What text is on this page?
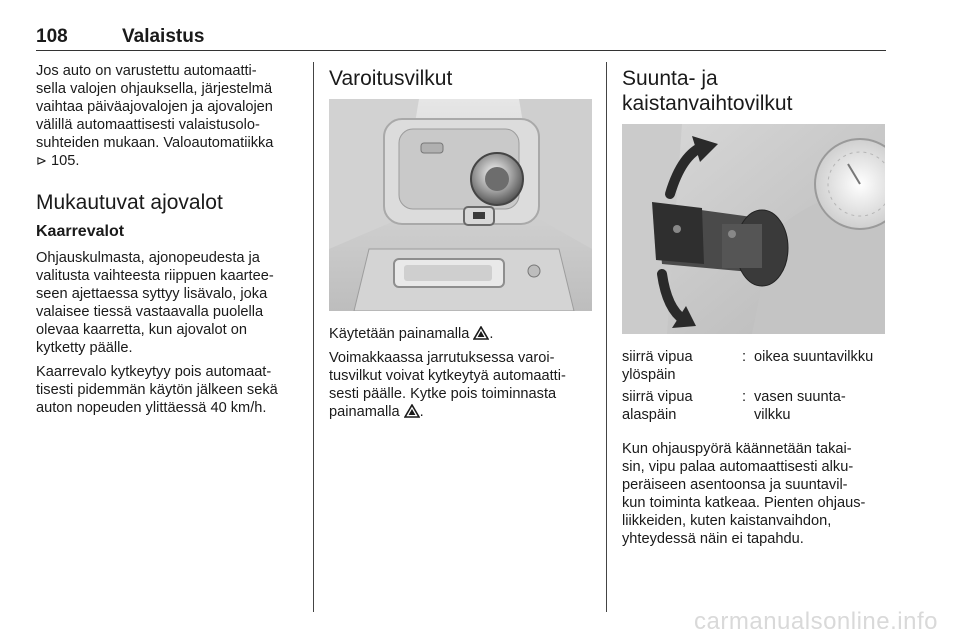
108	Valaistus

Jos auto on varustettu automaatti-
sella valojen ohjauksella, järjestelmä
vaihtaa päiväajovalojen ja ajovalojen
välillä automaattisesti valaistusolo-
suhteiden mukaan. Valoautomatiikka
⊳ 105.

Mukautuvat ajovalot
Kaarrevalot

Ohjauskulmasta, ajonopeudesta ja
valitusta vaihteesta riippuen kaartee-
seen ajettaessa syttyy lisävalo, joka
valaisee tiessä vastaavalla puolella
olevaa kaarretta, kun ajovalot on
kytketty päälle.

Kaarrevalo kytkeytyy pois automaat-
tisesti pidemmän käytön jälkeen sekä
auton nopeuden ylittäessä 40 km/h.

Varoitusvilkut

Käytetään painamalla .

Voimakkaassa jarrutuksessa varoi-
tusvilkut voivat kytkeytyä automaatti-
sesti päälle. Kytke pois toiminnasta
painamalla .

Suunta- ja
kaistanvaihtovilkut
siirrä vipua
ylöspäin	:	oikea suuntavilkku
siirrä vipua
alaspäin	:	vasen suunta-
vilkku

Kun ohjauspyörä käännetään takai-
sin, vipu palaa automaattisesti alku-
peräiseen asentoonsa ja suuntavil-
kun toiminta katkeaa. Pienten ohjaus-
liikkeiden, kuten kaistanvaihdon,
yhteydessä näin ei tapahdu.

carmanualsonline.info
